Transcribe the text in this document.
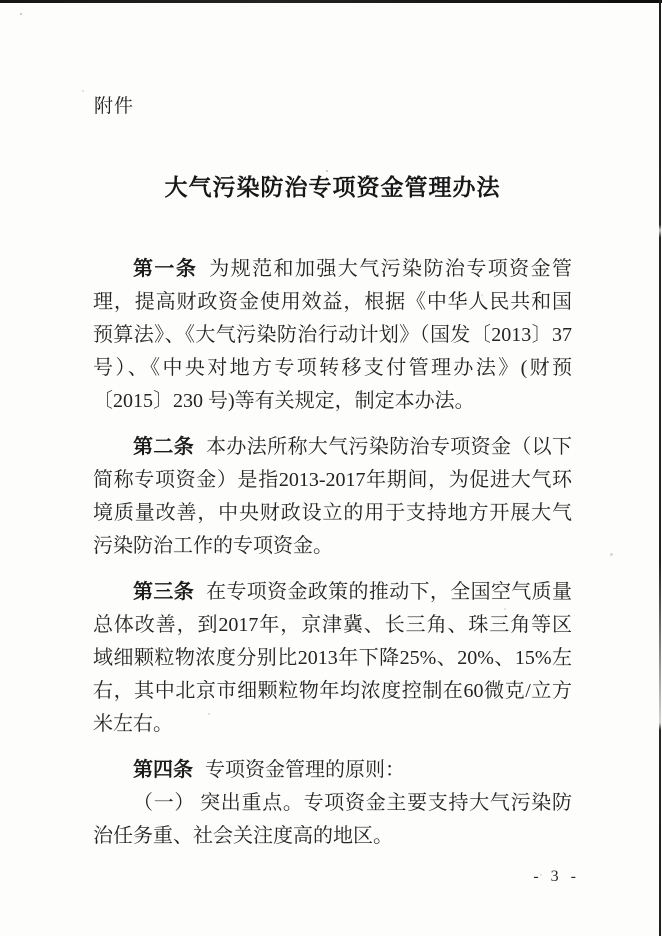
附件
大气污染防治专项资金管理办法

第一条 为规范和加强大气污染防治专项资金管理，提高财政资金使用效益，根据《中华人民共和国预算法》、《大气污染防治行动计划》（国发〔2013〕37 号）、《中央对地方专项转移支付管理办法》(财预〔2015〕230 号)等有关规定，制定本办法。

第二条 本办法所称大气污染防治专项资金（以下简称专项资金）是指2013-2017年期间，为促进大气环境质量改善，中央财政设立的用于支持地方开展大气污染防治工作的专项资金。

第三条 在专项资金政策的推动下，全国空气质量总体改善，到2017年，京津冀、长三角、珠三角等区域细颗粒物浓度分别比2013年下降25%、20%、15%左右，其中北京市细颗粒物年均浓度控制在60微克/立方米左右。

第四条 专项资金管理的原则：

（一） 突出重点。专项资金主要支持大气污染防治任务重、社会关注度高的地区。

- 3 -
